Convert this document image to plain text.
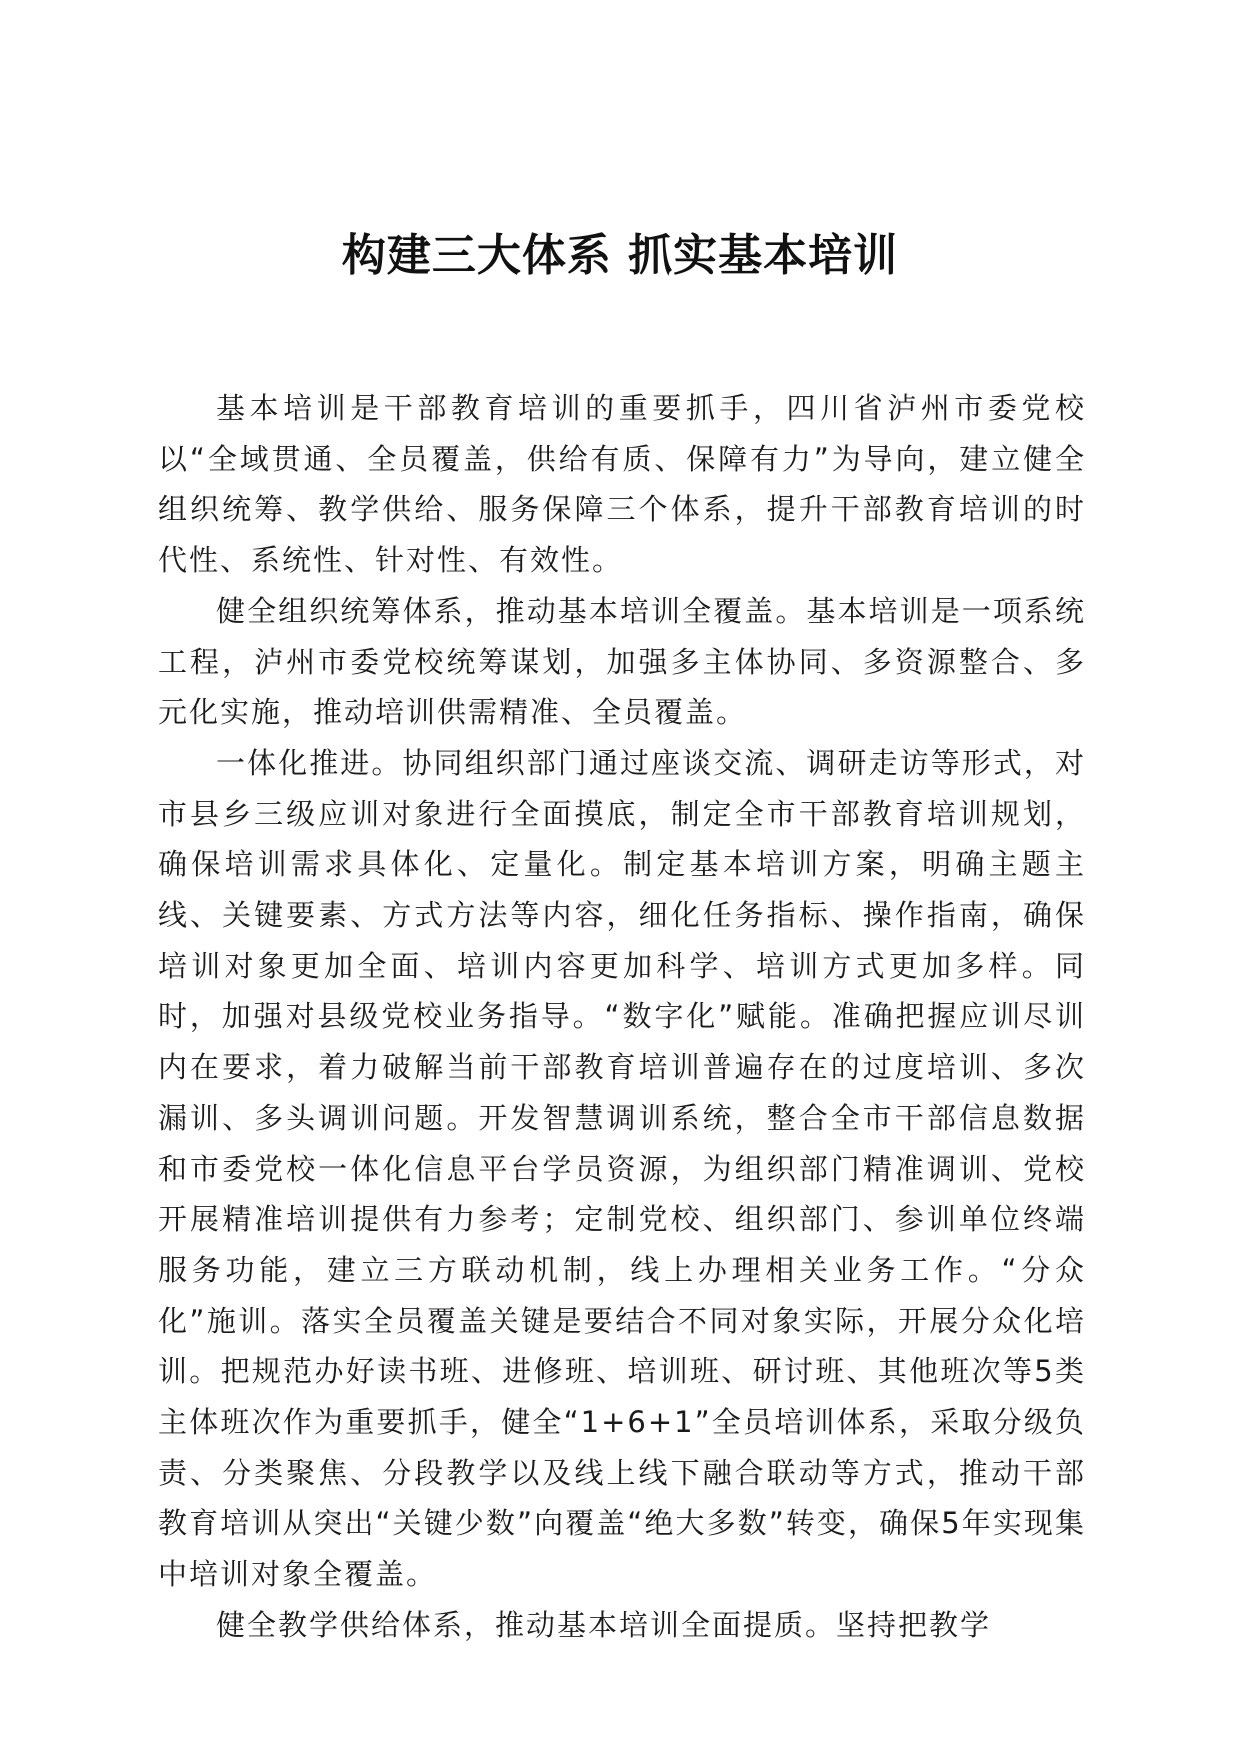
构建三大体系 抓实基本培训

基本培训是干部教育培训的重要抓手，四川省泸州市委党校以“全域贯通、全员覆盖，供给有质、保障有力”为导向，建立健全组织统筹、教学供给、服务保障三个体系，提升干部教育培训的时代性、系统性、针对性、有效性。

健全组织统筹体系，推动基本培训全覆盖。基本培训是一项系统工程，泸州市委党校统筹谋划，加强多主体协同、多资源整合、多元化实施，推动培训供需精准、全员覆盖。

一体化推进。协同组织部门通过座谈交流、调研走访等形式，对市县乡三级应训对象进行全面摸底，制定全市干部教育培训规划，确保培训需求具体化、定量化。制定基本培训方案，明确主题主线、关键要素、方式方法等内容，细化任务指标、操作指南，确保培训对象更加全面、培训内容更加科学、培训方式更加多样。同时，加强对县级党校业务指导。“数字化”赋能。准确把握应训尽训内在要求，着力破解当前干部教育培训普遍存在的过度培训、多次漏训、多头调训问题。开发智慧调训系统，整合全市干部信息数据和市委党校一体化信息平台学员资源，为组织部门精准调训、党校开展精准培训提供有力参考；定制党校、组织部门、参训单位终端服务功能，建立三方联动机制，线上办理相关业务工作。“分众化”施训。落实全员覆盖关键是要结合不同对象实际，开展分众化培训。把规范办好读书班、进修班、培训班、研讨班、其他班次等5类主体班次作为重要抓手，健全“1+6+1”全员培训体系，采取分级负责、分类聚焦、分段教学以及线上线下融合联动等方式，推动干部教育培训从突出“关键少数”向覆盖“绝大多数”转变，确保5年实现集中培训对象全覆盖。

健全教学供给体系，推动基本培训全面提质。坚持把教学
